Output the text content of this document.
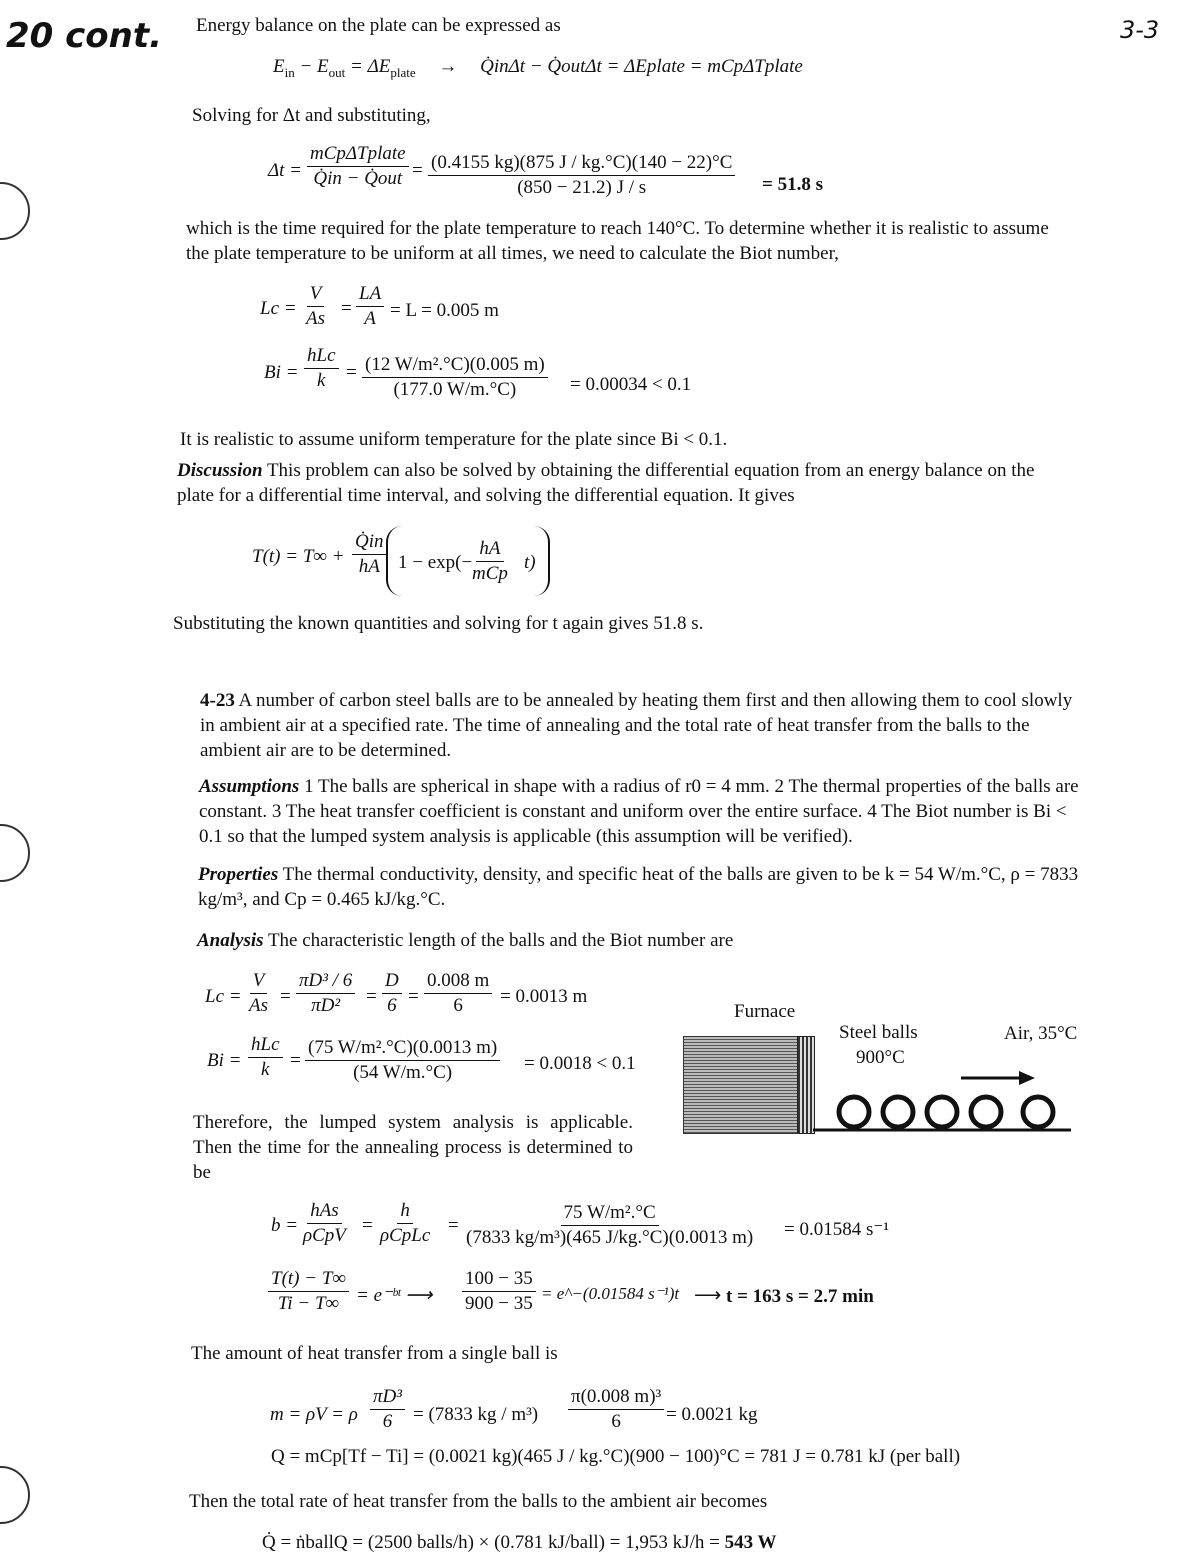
20 cont.	3-3
Energy balance on the plate can be expressed as
$E_{in} - E_{out} = \Delta E_{plate}$ → Q̇inΔt − Q̇outΔt = ΔEplate = mCpΔTplate
Solving for Δt and substituting,
Δt =
mCpΔTplate
Q̇in − Q̇out = $\frac{(0.4155 kg)(875 J / kg.^\circ C)(140 - 22)^\circ C}{(850 - 21.2) J / s} = 51.8$ s
which is the time required for the plate temperature to reach 140°C. To determine whether it is realistic to assume the plate temperature to be uniform at all times, we need to calculate the Biot number,
$Lc = \frac{V}{As} = \frac{LA}{A} = L = 0.005$ m
Bi =
hLc
$k = \frac{\text{(12 W/m².°C)(0.005 m)}}{(177.0 W/m.^\circ C)} = 0.00034 < 0.1$
It is realistic to assume uniform temperature for the plate since Bi < 0.1.
Discussion This problem can also be solved by obtaining the differential equation from an energy balance on the plate for a differential time interval, and solving the differential equation. It gives
$T(t) = T\infty + \frac{Q̇in}{hA} 1 - \exp(-$
hA
mCp
t)
Substituting the known quantities and solving for t again gives 51.8 s.
4-23 A number of carbon steel balls are to be annealed by heating them first and then allowing them to cool slowly in ambient air at a specified rate. The time of annealing and the total rate of heat transfer from the balls to the ambient air are to be determined.
Assumptions 1 The balls are spherical in shape with a radius of r0 = 4 mm. 2 The thermal properties of the balls are constant. 3 The heat transfer coefficient is constant and uniform over the entire surface. 4 The Biot number is Bi < 0.1 so that the lumped system analysis is applicable (this assumption will be verified).
Properties The thermal conductivity, density, and specific heat of the balls are given to be k = 54 W/m.°C, ρ = 7833 kg/m³, and Cp = 0.465 kJ/kg.°C.
Analysis The characteristic length of the balls and the Biot number are
$Lc = \frac{V}{As} = \frac{\text{πD³ / 6}}{\text{πD²}} = \frac{D}{6} = \frac{0.008 m}{6} = 0.0013$ m
Bi =
hLc
$k = \frac{\text{(75 W/m².°C)(0.0013 m)}}{(54 W/m.^\circ C)} = 0.0018 < 0.1$
Therefore, the lumped system analysis is applicable. Then the time for the annealing process is determined to be
Furnace
Steel balls
900°C
Air, 35°C
b =
hAs
ρCpV =
h
ρCpLc = $\frac{\text{75 W/m².°C}}{\text{(7833 kg/m³)(465 J/kg.°C)(0.0013 m)}} = 0.01584$ s⁻¹
$\frac{T(t) - T\infty}{Ti - T\infty}$ = e⁻ᵇᵗ ⟶ $\frac{100 - 35}{900 - 35}$ = e^−(0.01584 s⁻¹)t ⟶ t = 163 s = 2.7 min
The amount of heat transfer from a single ball is
m = ρV = ρ $\frac{\text{πD³}}{6} = (7833$ kg / $m^3) \frac{\text{π(0.008 m)³}}{6} = 0.0021$ kg
Q = mCp[Tf − Ti] = (0.0021 kg)(465 J / kg.°C)(900 − 100)°C = 781 J = 0.781 kJ (per ball)
Then the total rate of heat transfer from the balls to the ambient air becomes
Q̇ = ṅballQ = (2500 balls/h) × (0.781 kJ/ball) = 1,953 kJ/h = 543 W
